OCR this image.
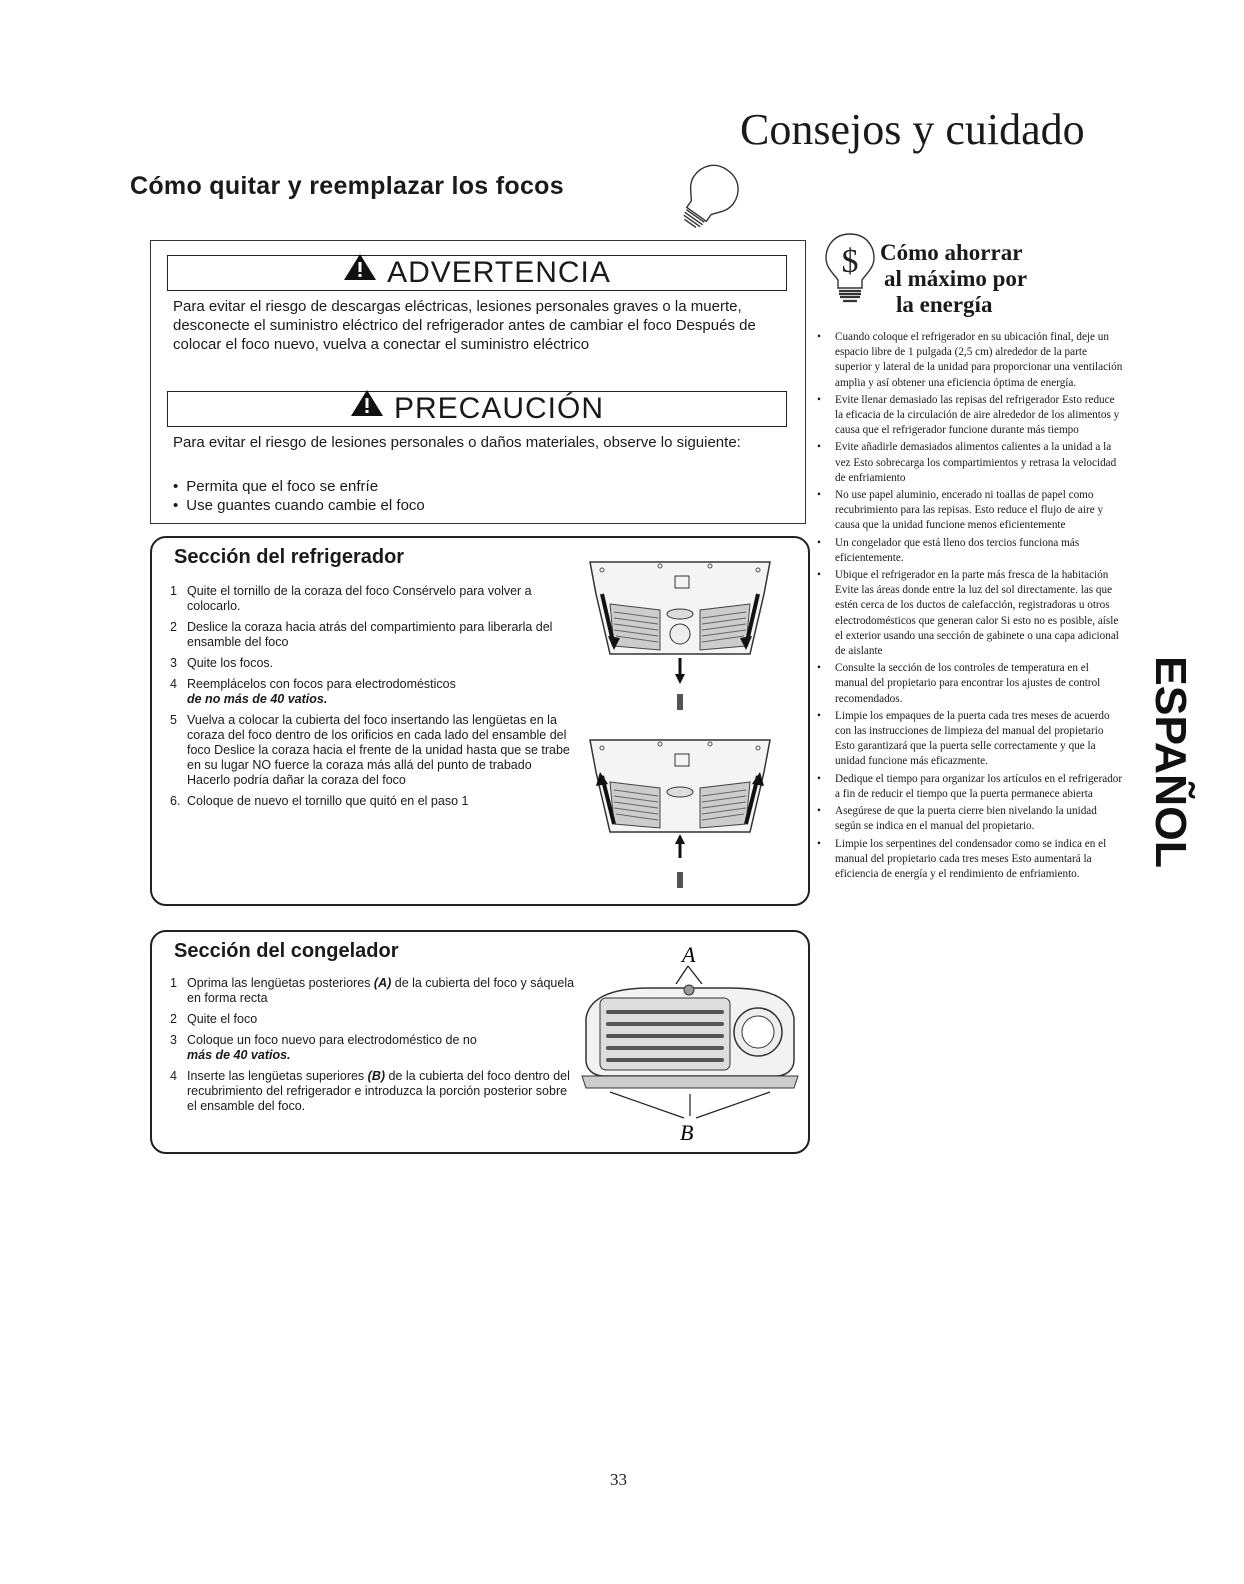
Consejos y cuidado
Cómo quitar y reemplazar los focos
ADVERTENCIA

Para evitar el riesgo de descargas eléctricas, lesiones personales graves o la muerte, desconecte el suministro eléctrico del refrigerador antes de cambiar el foco Después de colocar el foco nuevo, vuelva a conectar el suministro eléctrico

PRECAUCIÓN

Para evitar el riesgo de lesiones personales o daños materiales, observe lo siguiente:

• Permita que el foco se enfríe
• Use guantes cuando cambie el foco
Sección del refrigerador
1 Quite el tornillo de la coraza del foco Consérvelo para volver a colocarlo.
2 Deslice la coraza hacia atrás del compartimiento para liberarla del ensamble del foco
3 Quite los focos.
4 Reemplácelos con focos para electrodomésticos
de no más de 40 vatios.
5 Vuelva a colocar la cubierta del foco insertando las lengüetas en la coraza del foco dentro de los orificios en cada lado del ensamble del foco Deslice la coraza hacia el frente de la unidad hasta que se trabe en su lugar NO fuerce la coraza más allá del punto de trabado Hacerlo podría dañar la coraza del foco
6. Coloque de nuevo el tornillo que quitó en el paso 1
Sección del congelador
1 Oprima las lengüetas posteriores (A) de la cubierta del foco y sáquela en forma recta
2 Quite el foco
3 Coloque un foco nuevo para electrodoméstico de no
más de 40 vatios.
4 Inserte las lengüetas superiores (B) de la cubierta del foco dentro del recubrimiento del refrigerador e introduzca la porción posterior sobre el ensamble del foco.
A
B
$ Cómo ahorrar
al máximo por
la energía
• Cuando coloque el refrigerador en su ubicación final, deje un espacio libre de 1 pulgada (2,5 cm) alrededor de la parte superior y lateral de la unidad para proporcionar una ventilación amplia y así obtener una eficiencia óptima de energía.
• Evite llenar demasiado las repisas del refrigerador Esto reduce la eficacia de la circulación de aire alrededor de los alimentos y causa que el refrigerador funcione durante más tiempo
• Evite añadirle demasiados alimentos calientes a la unidad a la vez Esto sobrecarga los compartimientos y retrasa la velocidad de enfriamiento
• No use papel aluminio, encerado ni toallas de papel como recubrimiento para las repisas. Esto reduce el flujo de aire y causa que la unidad funcione menos eficientemente
• Un congelador que está lleno dos tercios funciona más eficientemente.
• Ubique el refrigerador en la parte más fresca de la habitación Evite las áreas donde entre la luz del sol directamente. las que estén cerca de los ductos de calefacción, registradoras u otros electrodomésticos que generan calor Si esto no es posible, aísle el exterior usando una sección de gabinete o una capa adicional de aislante
• Consulte la sección de los controles de temperatura en el manual del propietario para encontrar los ajustes de control recomendados.
• Limpie los empaques de la puerta cada tres meses de acuerdo con las instrucciones de limpieza del manual del propietario Esto garantizará que la puerta selle correctamente y que la unidad funcione más eficazmente.
• Dedique el tiempo para organizar los artículos en el refrigerador a fin de reducir el tiempo que la puerta permanece abierta
• Asegúrese de que la puerta cierre bien nivelando la unidad según se indica en el manual del propietario.
• Limpie los serpentines del condensador como se indica en el manual del propietario cada tres meses Esto aumentará la eficiencia de energía y el rendimiento de enfriamiento.
ESPAÑOL
33
